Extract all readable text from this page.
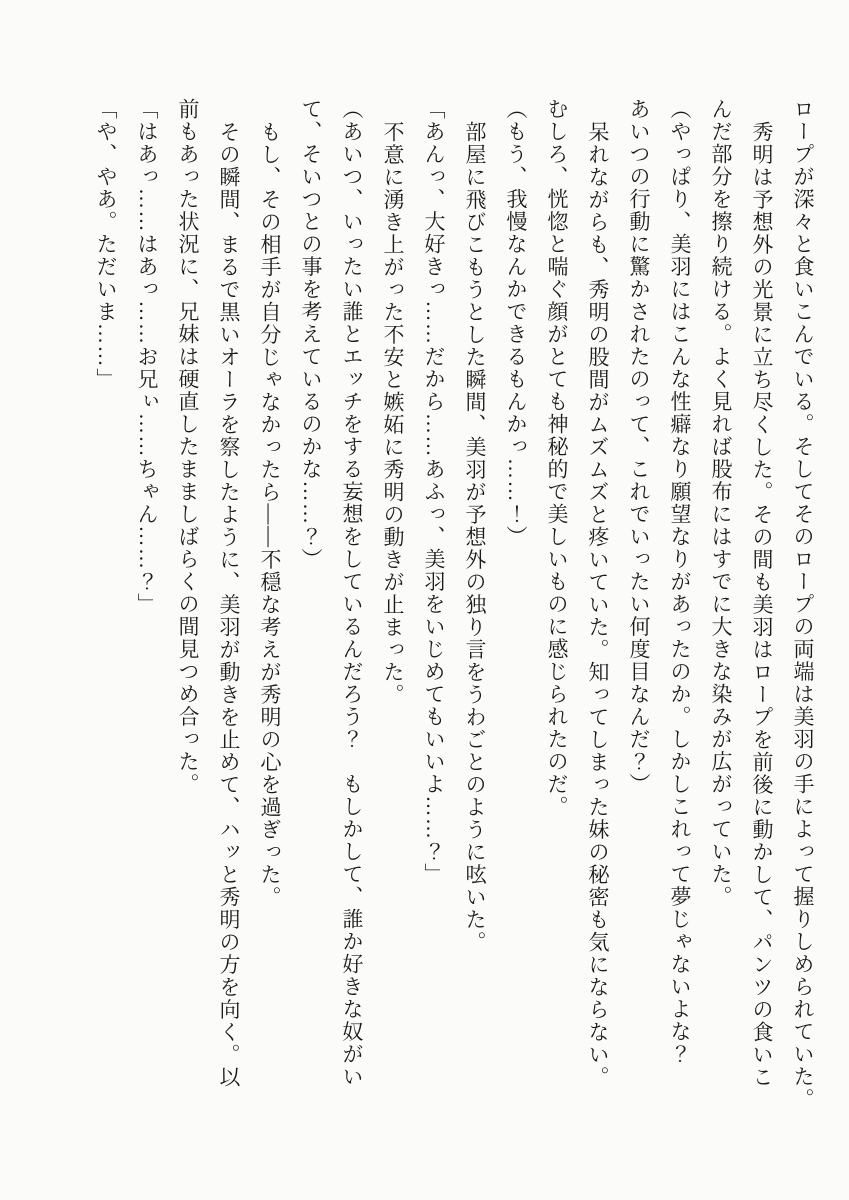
ロープが深々と食いこんでいる。そしてそのロープの両端は美羽の手によって握りしめられていた。

秀明は予想外の光景に立ち尽くした。その間も美羽はロープを前後に動かして、パンツの食いこ

んだ部分を擦り続ける。よく見れば股布にはすでに大きな染みが広がっていた。

（やっぱり、美羽にはこんな性癖なり願望なりがあったのか。しかしこれって夢じゃないよな？

あいつの行動に驚かされたのって、これでいったい何度目なんだ？）

呆れながらも、秀明の股間がムズムズと疼いていた。知ってしまった妹の秘密も気にならない。

むしろ、恍惚と喘ぐ顔がとても神秘的で美しいものに感じられたのだ。

（もう、我慢なんかできるもんかっ……！）

部屋に飛びこもうとした瞬間、美羽が予想外の独り言をうわごとのように呟いた。

「あんっ、大好きっ……だから……あふっ、美羽をいじめてもいいよ……？」

不意に湧き上がった不安と嫉妬に秀明の動きが止まった。

（あいつ、いったい誰とエッチをする妄想をしているんだろう？　もしかして、誰か好きな奴がい

て、そいつとの事を考えているのかな……？）

もし、その相手が自分じゃなかったら——不穏な考えが秀明の心を過ぎった。

その瞬間、まるで黒いオーラを察したように、美羽が動きを止めて、ハッと秀明の方を向く。以

前もあった状況に、兄妹は硬直したまましばらくの間見つめ合った。

「はあっ……はあっ……お兄ぃ……ちゃん……？」

「や、やあ。ただいま……」
